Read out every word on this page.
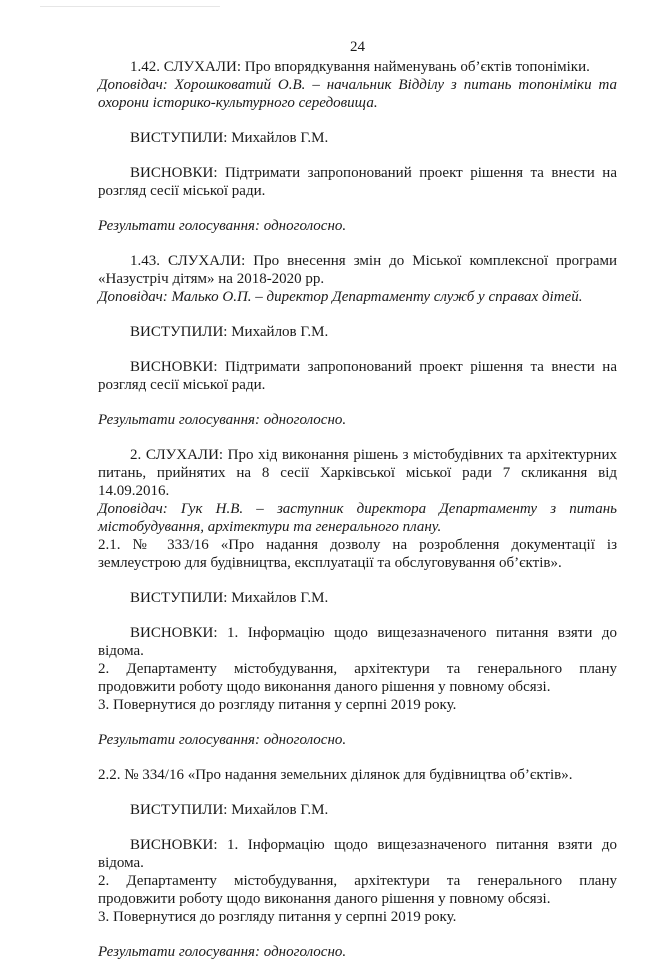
24

1.42. СЛУХАЛИ: Про впорядкування найменувань об’єктів топоніміки.

Доповідач: Хорошковатий О.В. – начальник Відділу з питань топоніміки та охорони історико-культурного середовища.

ВИСТУПИЛИ: Михайлов Г.М.

ВИСНОВКИ: Підтримати запропонований проект рішення та внести на розгляд сесії міської ради.

Результати голосування: одноголосно.

1.43. СЛУХАЛИ: Про внесення змін до Міської комплексної програми «Назустріч дітям» на 2018-2020 рр.

Доповідач: Малько О.П. – директор Департаменту служб у справах дітей.

ВИСТУПИЛИ: Михайлов Г.М.

ВИСНОВКИ: Підтримати запропонований проект рішення та внести на розгляд сесії міської ради.

Результати голосування: одноголосно.

2. СЛУХАЛИ: Про хід виконання рішень з містобудівних та архітектурних питань, прийнятих на 8 сесії Харківської міської ради 7 скликання від 14.09.2016.

Доповідач: Гук Н.В. – заступник директора Департаменту з питань містобудування, архітектури та генерального плану.

2.1. № 333/16 «Про надання дозволу на розроблення документації із землеустрою для будівництва, експлуатації та обслуговування об’єктів».

ВИСТУПИЛИ: Михайлов Г.М.

ВИСНОВКИ: 1. Інформацію щодо вищезазначеного питання взяти до відома.

2. Департаменту містобудування, архітектури та генерального плану продовжити роботу щодо виконання даного рішення у повному обсязі.

3. Повернутися до розгляду питання у серпні 2019 року.

Результати голосування: одноголосно.

2.2. № 334/16 «Про надання земельних ділянок для будівництва об’єктів».

ВИСТУПИЛИ: Михайлов Г.М.

ВИСНОВКИ: 1. Інформацію щодо вищезазначеного питання взяти до відома.

2. Департаменту містобудування, архітектури та генерального плану продовжити роботу щодо виконання даного рішення у повному обсязі.

3. Повернутися до розгляду питання у серпні 2019 року.

Результати голосування: одноголосно.
